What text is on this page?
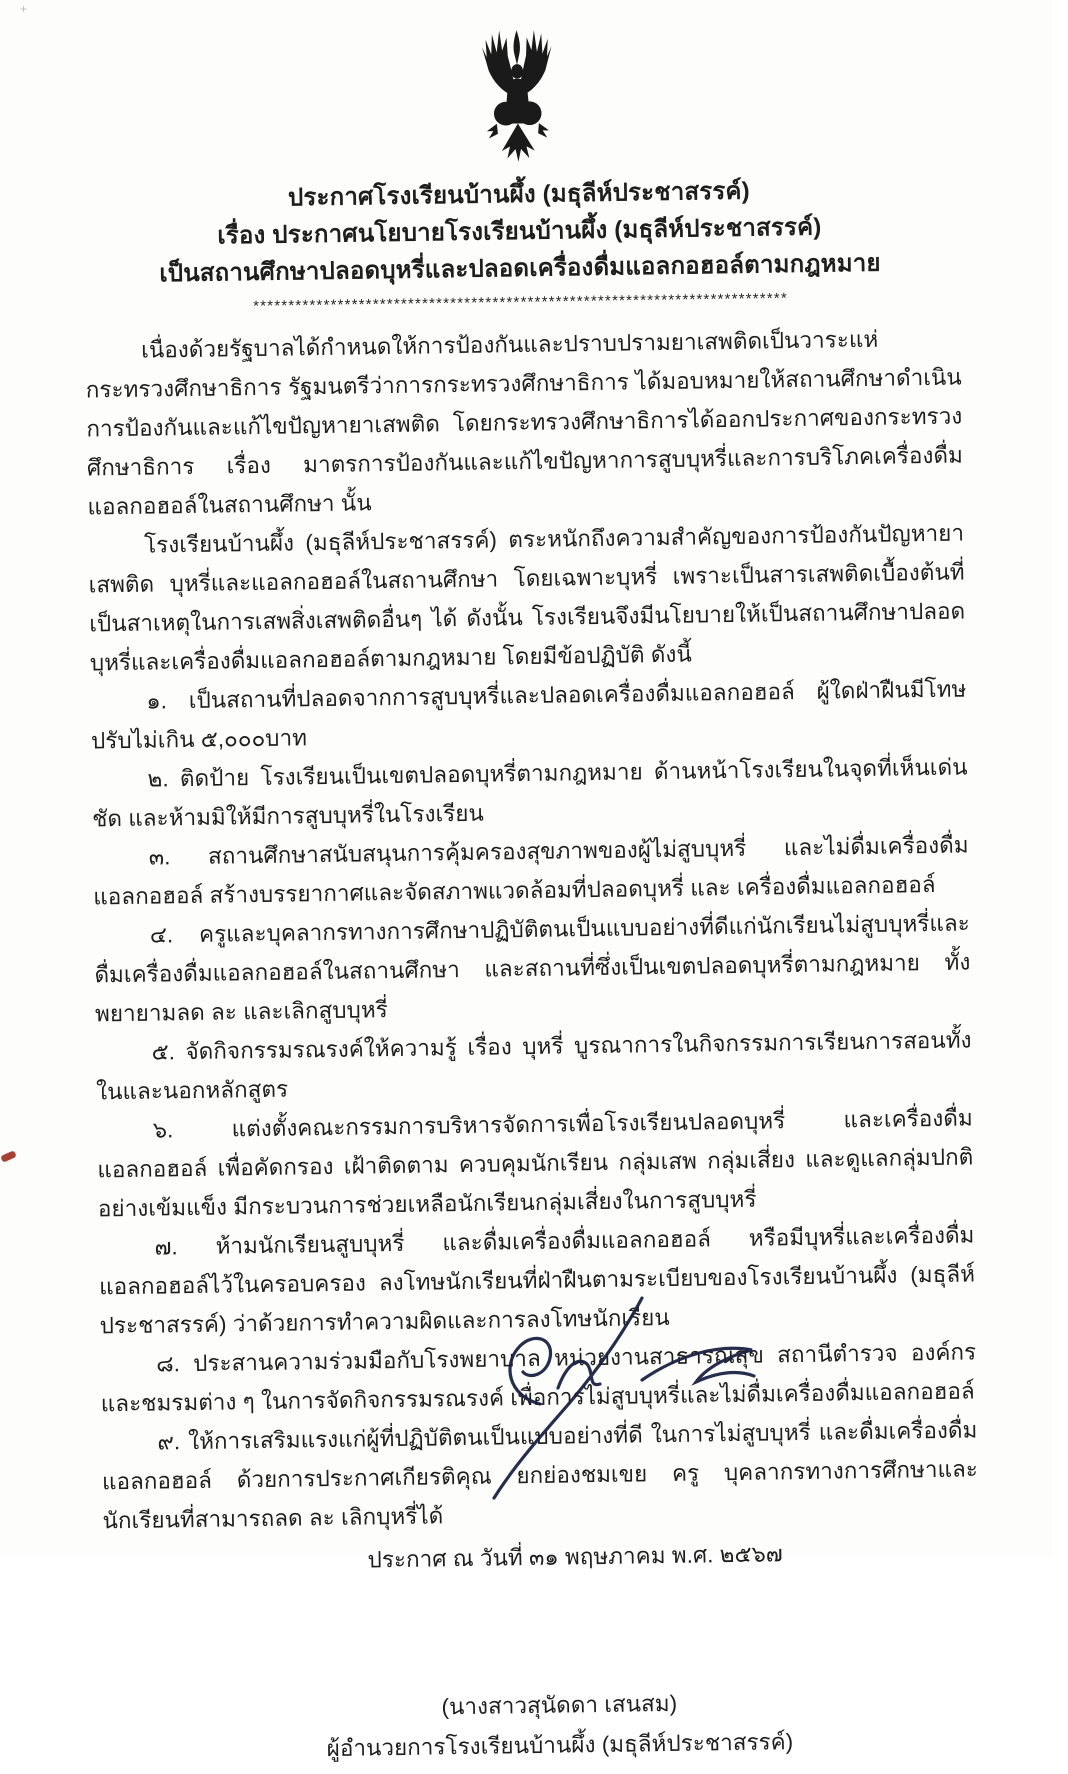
+
ประกาศโรงเรียนบ้านผึ้ง (มธุลีห์ประชาสรรค์)
เรื่อง ประกาศนโยบายโรงเรียนบ้านผึ้ง (มธุลีห์ประชาสรรค์)
เป็นสถานศึกษาปลอดบุหรี่และปลอดเครื่องดื่มแอลกอฮอล์ตามกฎหมาย
****************************************************************************

เนื่องด้วยรัฐบาลได้กำหนดให้การป้องกันและปราบปรามยาเสพติดเป็นวาระแห่กระทรวงศึกษาธิการ รัฐมนตรีว่าการกระทรวงศึกษาธิการ ได้มอบหมายให้สถานศึกษาดำเนินการป้องกันและแก้ไขปัญหายาเสพติด โดยกระทรวงศึกษาธิการได้ออกประกาศของกระทรวงศึกษาธิการ เรื่อง มาตรการป้องกันและแก้ไขปัญหาการสูบบุหรี่และการบริโภคเครื่องดื่มแอลกอฮอล์ในสถานศึกษา นั้น

โรงเรียนบ้านผึ้ง (มธุลีห์ประชาสรรค์) ตระหนักถึงความสำคัญของการป้องกันปัญหายาเสพติด บุหรี่และแอลกอฮอล์ในสถานศึกษา โดยเฉพาะบุหรี่ เพราะเป็นสารเสพติดเบื้องต้นที่เป็นสาเหตุในการเสพสิ่งเสพติดอื่นๆ ได้ ดังนั้น โรงเรียนจึงมีนโยบายให้เป็นสถานศึกษาปลอดบุหรี่และเครื่องดื่มแอลกอฮอล์ตามกฎหมาย โดยมีข้อปฏิบัติ ดังนี้

๑. เป็นสถานที่ปลอดจากการสูบบุหรี่และปลอดเครื่องดื่มแอลกอฮอล์ ผู้ใดฝ่าฝืนมีโทษปรับไม่เกิน ๕,๐๐๐บาท

๒. ติดป้าย โรงเรียนเป็นเขตปลอดบุหรี่ตามกฎหมาย ด้านหน้าโรงเรียนในจุดที่เห็นเด่นชัด และห้ามมิให้มีการสูบบุหรี่ในโรงเรียน

๓. สถานศึกษาสนับสนุนการคุ้มครองสุขภาพของผู้ไม่สูบบุหรี่ และไม่ดื่มเครื่องดื่มแอลกอฮอล์ สร้างบรรยากาศและจัดสภาพแวดล้อมที่ปลอดบุหรี่ และ เครื่องดื่มแอลกอฮอล์

๔. ครูและบุคลากรทางการศึกษาปฏิบัติตนเป็นแบบอย่างที่ดีแก่นักเรียนไม่สูบบุหรี่และดื่มเครื่องดื่มแอลกอฮอล์ในสถานศึกษา และสถานที่ซึ่งเป็นเขตปลอดบุหรี่ตามกฎหมาย ทั้งพยายามลด ละ และเลิกสูบบุหรี่

๕. จัดกิจกรรมรณรงค์ให้ความรู้ เรื่อง บุหรี่ บูรณาการในกิจกรรมการเรียนการสอนทั้งในและนอกหลักสูตร

๖. แต่งตั้งคณะกรรมการบริหารจัดการเพื่อโรงเรียนปลอดบุหรี่ และเครื่องดื่มแอลกอฮอล์ เพื่อคัดกรอง เฝ้าติดตาม ควบคุมนักเรียน กลุ่มเสพ กลุ่มเสี่ยง และดูแลกลุ่มปกติอย่างเข้มแข็ง มีกระบวนการช่วยเหลือนักเรียนกลุ่มเสี่ยงในการสูบบุหรี่

๗. ห้ามนักเรียนสูบบุหรี่ และดื่มเครื่องดื่มแอลกอฮอล์ หรือมีบุหรี่และเครื่องดื่มแอลกอฮอล์ไว้ในครอบครอง ลงโทษนักเรียนที่ฝ่าฝืนตามระเบียบของโรงเรียนบ้านผึ้ง (มธุลีห์ประชาสรรค์) ว่าด้วยการทำความผิดและการลงโทษนักเรียน

๘. ประสานความร่วมมือกับโรงพยาบาล หน่วยงานสาธารณสุข สถานีตำรวจ องค์กรและชมรมต่าง ๆ ในการจัดกิจกรรมรณรงค์ เพื่อการไม่สูบบุหรี่และไม่ดื่มเครื่องดื่มแอลกอฮอล์

๙. ให้การเสริมแรงแก่ผู้ที่ปฏิบัติตนเป็นแบบอย่างที่ดี ในการไม่สูบบุหรี่ และดื่มเครื่องดื่มแอลกอฮอล์ ด้วยการประกาศเกียรติคุณ ยกย่องชมเขย ครู บุคลากรทางการศึกษาและนักเรียนที่สามารถลด ละ เลิกบุหรี่ได้

ประกาศ ณ วันที่ ๓๑ พฤษภาคม พ.ศ. ๒๕๖๗
(นางสาวสุนัดดา เสนสม)
ผู้อำนวยการโรงเรียนบ้านผึ้ง (มธุลีห์ประชาสรรค์)
